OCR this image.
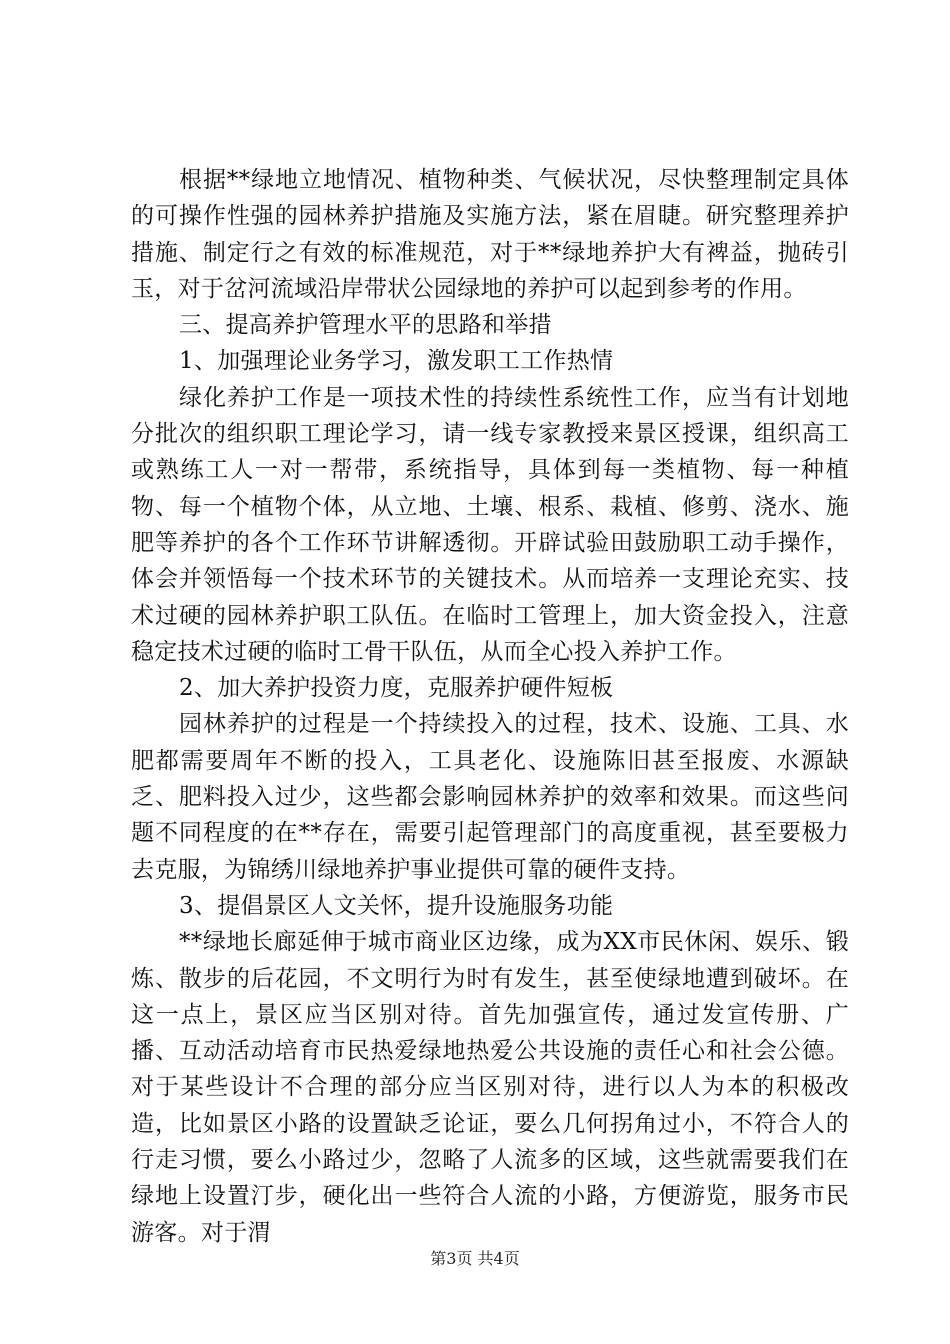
根据**绿地立地情况、植物种类、气候状况，尽快整理制定具体的可操作性强的园林养护措施及实施方法，紧在眉睫。研究整理养护措施、制定行之有效的标准规范，对于**绿地养护大有裨益，抛砖引玉，对于岔河流域沿岸带状公园绿地的养护可以起到参考的作用。

三、提高养护管理水平的思路和举措

1、加强理论业务学习，激发职工工作热情

绿化养护工作是一项技术性的持续性系统性工作，应当有计划地分批次的组织职工理论学习，请一线专家教授来景区授课，组织高工或熟练工人一对一帮带，系统指导，具体到每一类植物、每一种植物、每一个植物个体，从立地、土壤、根系、栽植、修剪、浇水、施肥等养护的各个工作环节讲解透彻。开辟试验田鼓励职工动手操作，体会并领悟每一个技术环节的关键技术。从而培养一支理论充实、技术过硬的园林养护职工队伍。在临时工管理上，加大资金投入，注意稳定技术过硬的临时工骨干队伍，从而全心投入养护工作。

2、加大养护投资力度，克服养护硬件短板

园林养护的过程是一个持续投入的过程，技术、设施、工具、水肥都需要周年不断的投入，工具老化、设施陈旧甚至报废、水源缺乏、肥料投入过少，这些都会影响园林养护的效率和效果。而这些问题不同程度的在**存在，需要引起管理部门的高度重视，甚至要极力去克服，为锦绣川绿地养护事业提供可靠的硬件支持。

3、提倡景区人文关怀，提升设施服务功能

**绿地长廊延伸于城市商业区边缘，成为XX市民休闲、娱乐、锻炼、散步的后花园，不文明行为时有发生，甚至使绿地遭到破坏。在这一点上，景区应当区别对待。首先加强宣传，通过发宣传册、广播、互动活动培育市民热爱绿地热爱公共设施的责任心和社会公德。对于某些设计不合理的部分应当区别对待，进行以人为本的积极改造，比如景区小路的设置缺乏论证，要么几何拐角过小，不符合人的行走习惯，要么小路过少，忽略了人流多的区域，这些就需要我们在绿地上设置汀步，硬化出一些符合人流的小路，方便游览，服务市民游客。对于渭

第3页 共4页
